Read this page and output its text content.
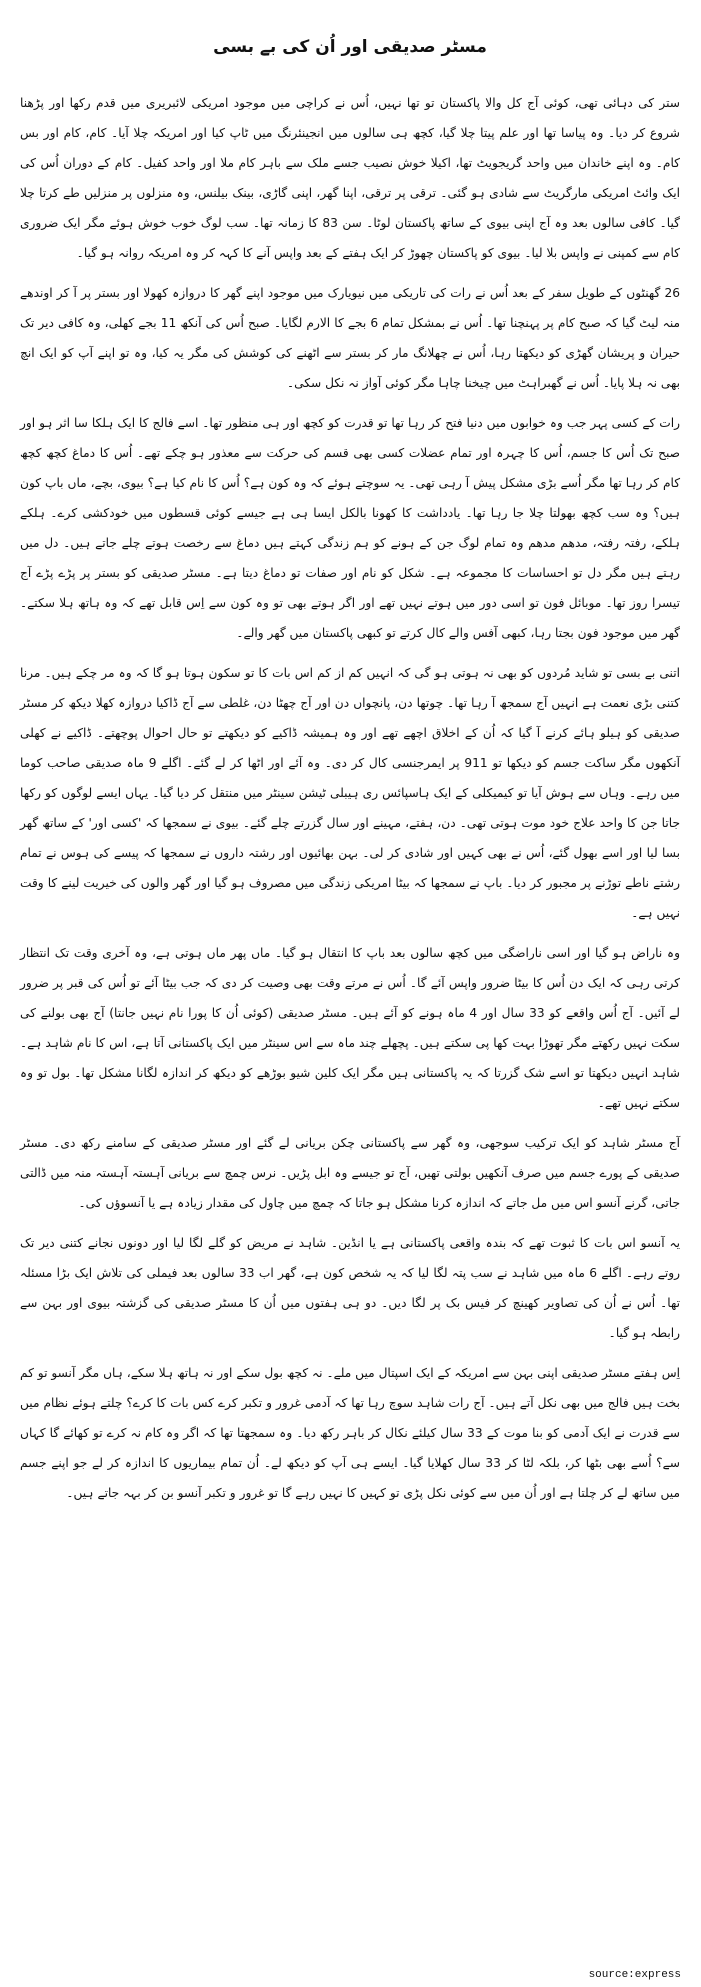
مسٹر صدیقی اور اُن کی بے بسی

ستر کی دہائی تھی، کوئی آج کل والا پاکستان تو تھا نہیں، اُس نے کراچی میں موجود امریکی لائبریری میں قدم رکھا اور پڑھنا شروع کر دیا۔ وہ پیاسا تھا اور علم پیتا چلا گیا، کچھ ہی سالوں میں انجینئرنگ میں ٹاپ کیا اور امریکہ چلا آیا۔ کام، کام اور بس کام۔ وہ اپنے خاندان میں واحد گریجویٹ تھا، اکیلا خوش نصیب جسے ملک سے باہر کام ملا اور واحد کفیل۔ کام کے دوران اُس کی ایک وائٹ امریکی مارگریٹ سے شادی ہو گئی۔ ترقی پر ترقی، اپنا گھر، اپنی گاڑی، بینک بیلنس، وہ منزلوں پر منزلیں طے کرتا چلا گیا۔ کافی سالوں بعد وہ آج اپنی بیوی کے ساتھ پاکستان لوٹا۔ سن 83 کا زمانہ تھا۔ سب لوگ خوب خوش ہوئے مگر ایک ضروری کام سے کمپنی نے واپس بلا لیا۔ بیوی کو پاکستان چھوڑ کر ایک ہفتے کے بعد واپس آنے کا کہہ کر وہ امریکہ روانہ ہو گیا۔

26 گھنٹوں کے طویل سفر کے بعد اُس نے رات کی تاریکی میں نیویارک میں موجود اپنے گھر کا دروازہ کھولا اور بستر پر آ کر اوندھے منہ لیٹ گیا کہ صبح کام پر پہنچنا تھا۔ اُس نے بمشکل تمام 6 بجے کا الارم لگایا۔ صبح اُس کی آنکھ 11 بجے کھلی، وہ کافی دیر تک حیران و پریشان گھڑی کو دیکھتا رہا، اُس نے چھلانگ مار کر بستر سے اٹھنے کی کوشش کی مگر یہ کیا، وہ تو اپنے آپ کو ایک انچ بھی نہ ہلا پایا۔ اُس نے گھبراہٹ میں چیخنا چاہا مگر کوئی آواز نہ نکل سکی۔

رات کے کسی پہر جب وہ خوابوں میں دنیا فتح کر رہا تھا تو قدرت کو کچھ اور ہی منظور تھا۔ اسے فالج کا ایک ہلکا سا اثر ہو اور صبح تک اُس کا جسم، اُس کا چہرہ اور تمام عضلات کسی بھی قسم کی حرکت سے معذور ہو چکے تھے۔ اُس کا دماغ کچھ کچھ کام کر رہا تھا مگر اُسے بڑی مشکل پیش آ رہی تھی۔ یہ سوچتے ہوئے کہ وہ کون ہے؟ اُس کا نام کیا ہے؟ بیوی، بچے، ماں باپ کون ہیں؟ وہ سب کچھ بھولتا چلا جا رہا تھا۔ یادداشت کا کھونا بالکل ایسا ہی ہے جیسے کوئی قسطوں میں خودکشی کرے۔ ہلکے ہلکے، رفتہ رفتہ، مدھم مدھم وہ تمام لوگ جن کے ہونے کو ہم زندگی کہتے ہیں دماغ سے رخصت ہوتے چلے جاتے ہیں۔ دل میں رہتے ہیں مگر دل تو احساسات کا مجموعہ ہے۔ شکل کو نام اور صفات تو دماغ دیتا ہے۔ مسٹر صدیقی کو بستر پر پڑے پڑے آج تیسرا روز تھا۔ موبائل فون تو اسی دور میں ہوتے نہیں تھے اور اگر ہوتے بھی تو وہ کون سے اِس قابل تھے کہ وہ ہاتھ ہلا سکتے۔ گھر میں موجود فون بجتا رہا، کبھی آفس والے کال کرتے تو کبھی پاکستان میں گھر والے۔

اتنی بے بسی تو شاید مُردوں کو بھی نہ ہوتی ہو گی کہ انہیں کم از کم اس بات کا تو سکون ہوتا ہو گا کہ وہ مر چکے ہیں۔ مرنا کتنی بڑی نعمت ہے انہیں آج سمجھ آ رہا تھا۔ چوتھا دن، پانچواں دن اور آج چھٹا دن، غلطی سے آج ڈاکیا دروازہ کھلا دیکھ کر مسٹر صدیقی کو ہیلو ہائے کرنے آ گیا کہ اُن کے اخلاق اچھے تھے اور وہ ہمیشہ ڈاکیے کو دیکھتے تو حال احوال پوچھتے۔ ڈاکیے نے کھلی آنکھوں مگر ساکت جسم کو دیکھا تو 911 پر ایمرجنسی کال کر دی۔ وہ آئے اور اٹھا کر لے گئے۔ اگلے 9 ماہ صدیقی صاحب کوما میں رہے۔ وہاں سے ہوش آیا تو کیمیکلی کے ایک ہاسپائس ری ہیبلی ٹیشن سینٹر میں منتقل کر دیا گیا۔ یہاں ایسے لوگوں کو رکھا جاتا جن کا واحد علاج خود موت ہوتی تھی۔ دن، ہفتے، مہینے اور سال گزرتے چلے گئے۔ بیوی نے سمجھا کہ 'کسی اور' کے ساتھ گھر بسا لیا اور اسے بھول گئے، اُس نے بھی کہیں اور شادی کر لی۔ بہن بھائیوں اور رشتہ داروں نے سمجھا کہ پیسے کی ہوس نے تمام رشتے ناطے توڑنے پر مجبور کر دیا۔ باپ نے سمجھا کہ بیٹا امریکی زندگی میں مصروف ہو گیا اور گھر والوں کی خیریت لینے کا وقت نہیں ہے۔

وہ ناراض ہو گیا اور اسی ناراضگی میں کچھ سالوں بعد باپ کا انتقال ہو گیا۔ ماں پھر ماں ہوتی ہے، وہ آخری وقت تک انتظار کرتی رہی کہ ایک دن اُس کا بیٹا ضرور واپس آئے گا۔ اُس نے مرتے وقت بھی وصیت کر دی کہ جب بیٹا آئے تو اُس کی قبر پر ضرور لے آئیں۔ آج اُس واقعے کو 33 سال اور 4 ماہ ہونے کو آئے ہیں۔ مسٹر صدیقی (کوئی اُن کا پورا نام نہیں جانتا) آج بھی بولنے کی سکت نہیں رکھتے مگر تھوڑا بہت کھا پی سکتے ہیں۔ پچھلے چند ماہ سے اس سینٹر میں ایک پاکستانی آتا ہے، اس کا نام شاہد ہے۔ شاہد انہیں دیکھتا تو اسے شک گزرتا کہ یہ پاکستانی ہیں مگر ایک کلین شیو بوڑھے کو دیکھ کر اندازہ لگانا مشکل تھا۔ بول تو وہ سکتے نہیں تھے۔

آج مسٹر شاہد کو ایک ترکیب سوجھی، وہ گھر سے پاکستانی چکن بریانی لے گئے اور مسٹر صدیقی کے سامنے رکھ دی۔ مسٹر صدیقی کے پورے جسم میں صرف آنکھیں بولتی تھیں، آج تو جیسے وہ ابل پڑیں۔ نرس چمچ سے بریانی آہستہ آہستہ منہ میں ڈالتی جاتی، گرنے آنسو اس میں مل جاتے کہ اندازہ کرنا مشکل ہو جاتا کہ چمچ میں چاول کی مقدار زیادہ ہے یا آنسوؤں کی۔

یہ آنسو اس بات کا ثبوت تھے کہ بندہ واقعی پاکستانی ہے یا انڈین۔ شاہد نے مریض کو گلے لگا لیا اور دونوں نجانے کتنی دیر تک روتے رہے۔ اگلے 6 ماہ میں شاہد نے سب پتہ لگا لیا کہ یہ شخص کون ہے، گھر اب 33 سالوں بعد فیملی کی تلاش ایک بڑا مسئلہ تھا۔ اُس نے اُن کی تصاویر کھینچ کر فیس بک پر لگا دیں۔ دو ہی ہفتوں میں اُن کا مسٹر صدیقی کی گزشتہ بیوی اور بہن سے رابطہ ہو گیا۔

اِس ہفتے مسٹر صدیقی اپنی بہن سے امریکہ کے ایک اسپتال میں ملے۔ نہ کچھ بول سکے اور نہ ہاتھ ہلا سکے، ہاں مگر آنسو تو کم بخت ہیں فالج میں بھی نکل آتے ہیں۔ آج رات شاہد سوچ رہا تھا کہ آدمی غرور و تکبر کرے کس بات کا کرے؟ چلتے ہوئے نظام میں سے قدرت نے ایک آدمی کو بنا موت کے 33 سال کیلئے نکال کر باہر رکھ دیا۔ وہ سمجھتا تھا کہ اگر وہ کام نہ کرے تو کھائے گا کہاں سے؟ اُسے بھی بٹھا کر، بلکہ لٹا کر 33 سال کھلایا گیا۔ ایسے ہی آپ کو دیکھ لے۔ اُن تمام بیماریوں کا اندازہ کر لے جو اپنے جسم میں ساتھ لے کر چلتا ہے اور اُن میں سے کوئی نکل پڑی تو کہیں کا نہیں رہے گا تو غرور و تکبر آنسو بن کر بہہ جاتے ہیں۔

source:express
